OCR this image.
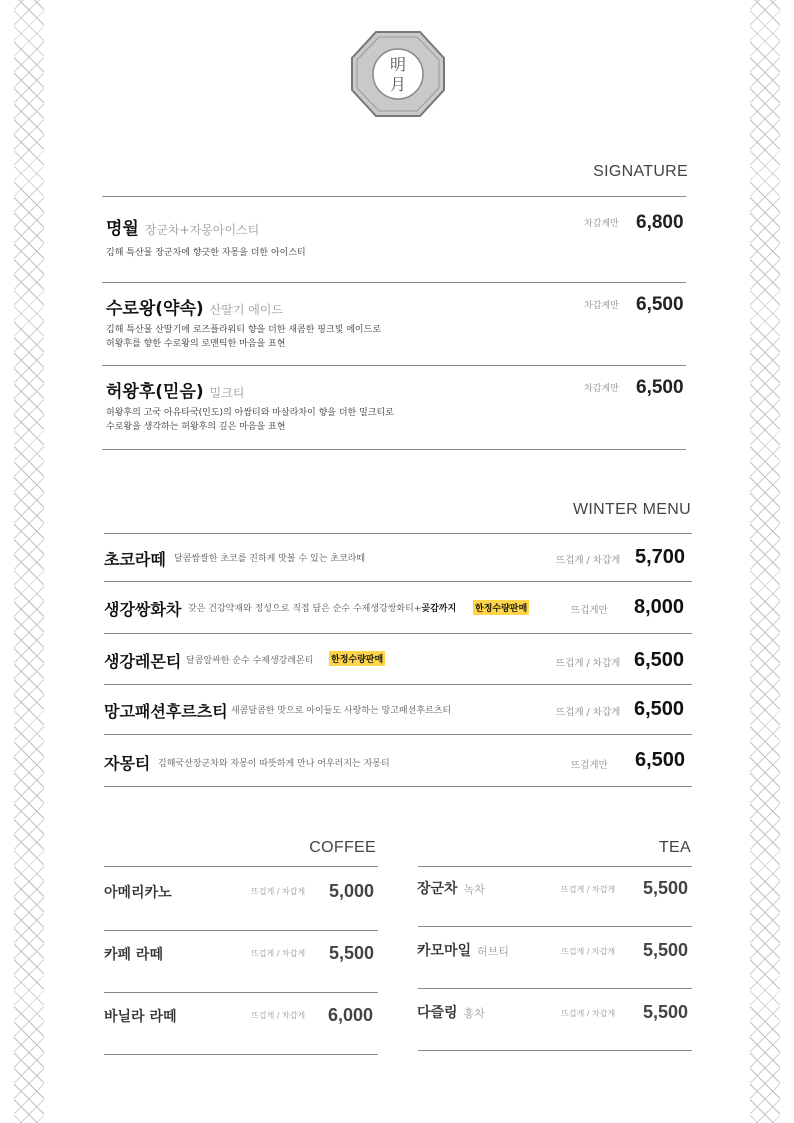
明
月
SIGNATURE
명월 장군차+자몽아이스티	차갑게만 6,800
김해 특산물 장군차에 향긋한 자몽을 더한 아이스티
수로왕(약속) 산딸기 에이드	차갑게만 6,500
김해 특산물 산딸기에 로즈플라워티 향을 더한 새콤한 핑크빛 에이드로
허왕후를 향한 수로왕의 로맨틱한 마음을 표현
허왕후(믿음) 밀크티	차갑게만 6,500
허왕후의 고국 아유타국(인도)의 아쌈티와 마살라차이 향을 더한 밀크티로
수로왕을 생각하는 허왕후의 깊은 마음을 표현
WINTER MENU
초코라떼 달콤쌉쌀한 초코를 진하게 맛볼 수 있는 초코라떼	뜨겁게 / 차갑게 5,700
생강쌍화차 갖은 건강약재와 정성으로 직접 담은 순수 수제생강쌍화티+곶감까지 한정수량판매	뜨겁게만 8,000
생강레몬티 달콤알싸한 순수 수제생강레몬티 한정수량판매	뜨겁게 / 차갑게 6,500
망고패션후르츠티 새콤달콤한 맛으로 아이들도 사랑하는 망고패션후르츠티	뜨겁게 / 차갑게 6,500
자몽티 김해국산장군차와 자몽이 따뜻하게 만나 어우러지는 자몽티	뜨겁게만 6,500
COFFEE
아메리카노	뜨겁게 / 차갑게 5,000
카페 라떼	뜨겁게 / 차갑게 5,500
바닐라 라떼	뜨겁게 / 차갑게 6,000
TEA
장군차 녹차	뜨겁게 / 차갑게 5,500
카모마일 허브티	뜨겁게 / 차갑게 5,500
다즐링 홍차	뜨겁게 / 차갑게 5,500
